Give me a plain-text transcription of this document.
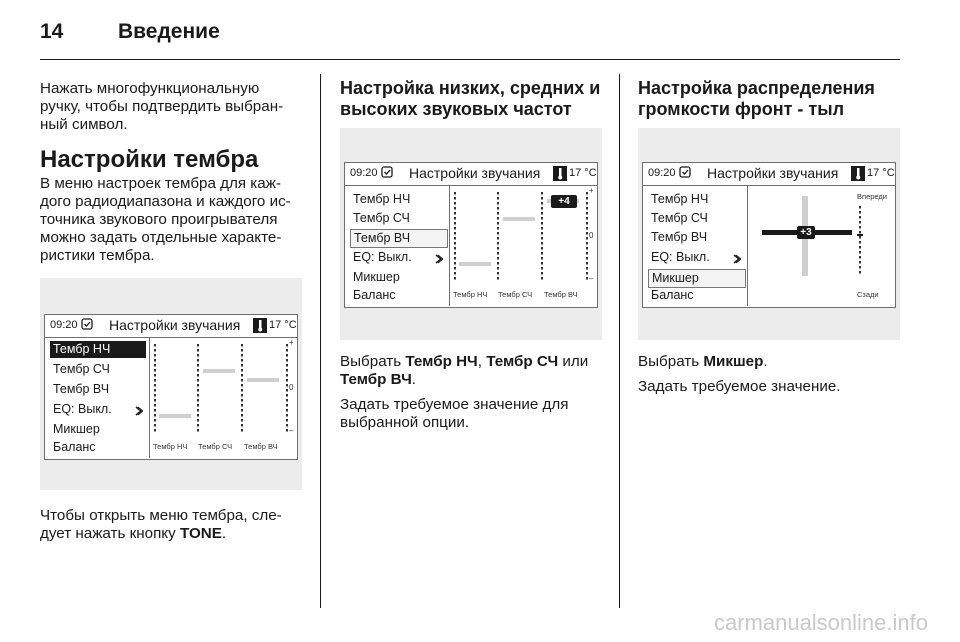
14	Введение

Нажать многофункциональную
ручку, чтобы подтвердить выбран-
ный символ.

Настройки тембра

В меню настроек тембра для каж-
дого радиодиапазона и каждого ис-
точника звукового проигрывателя
можно задать отдельные характе-
ристики тембра.

Чтобы открыть меню тембра, сле-
дует нажать кнопку TONE.

09:20 Настройки звучания	17 °C
Тембр НЧ
Тембр СЧ
Тембр ВЧ
EQ: Выкл.
Микшер
Баланс
+
0
–
Тембр НЧ Тембр СЧ Тембр ВЧ
Настройка низких, средних и
высоких звуковых частот
09:20 Настройки звучания	17 °C
Тембр НЧ
Тембр СЧ
Тембр ВЧ
EQ: Выкл.
Микшер
Баланс
+4
+
0
–
Тембр НЧ Тембр СЧ Тембр ВЧ

Выбрать Тембр НЧ, Тембр СЧ или
Тембр ВЧ.

Задать требуемое значение для
выбранной опции.

Настройка распределения
громкости фронт - тыл
09:20 Настройки звучания	17 °C
Тембр НЧ
Тембр СЧ
Тембр ВЧ
EQ: Выкл.
Микшер
Баланс
+3
Впереди
Сзади

Выбрать Микшер.

Задать требуемое значение.

carmanualsonline.info
